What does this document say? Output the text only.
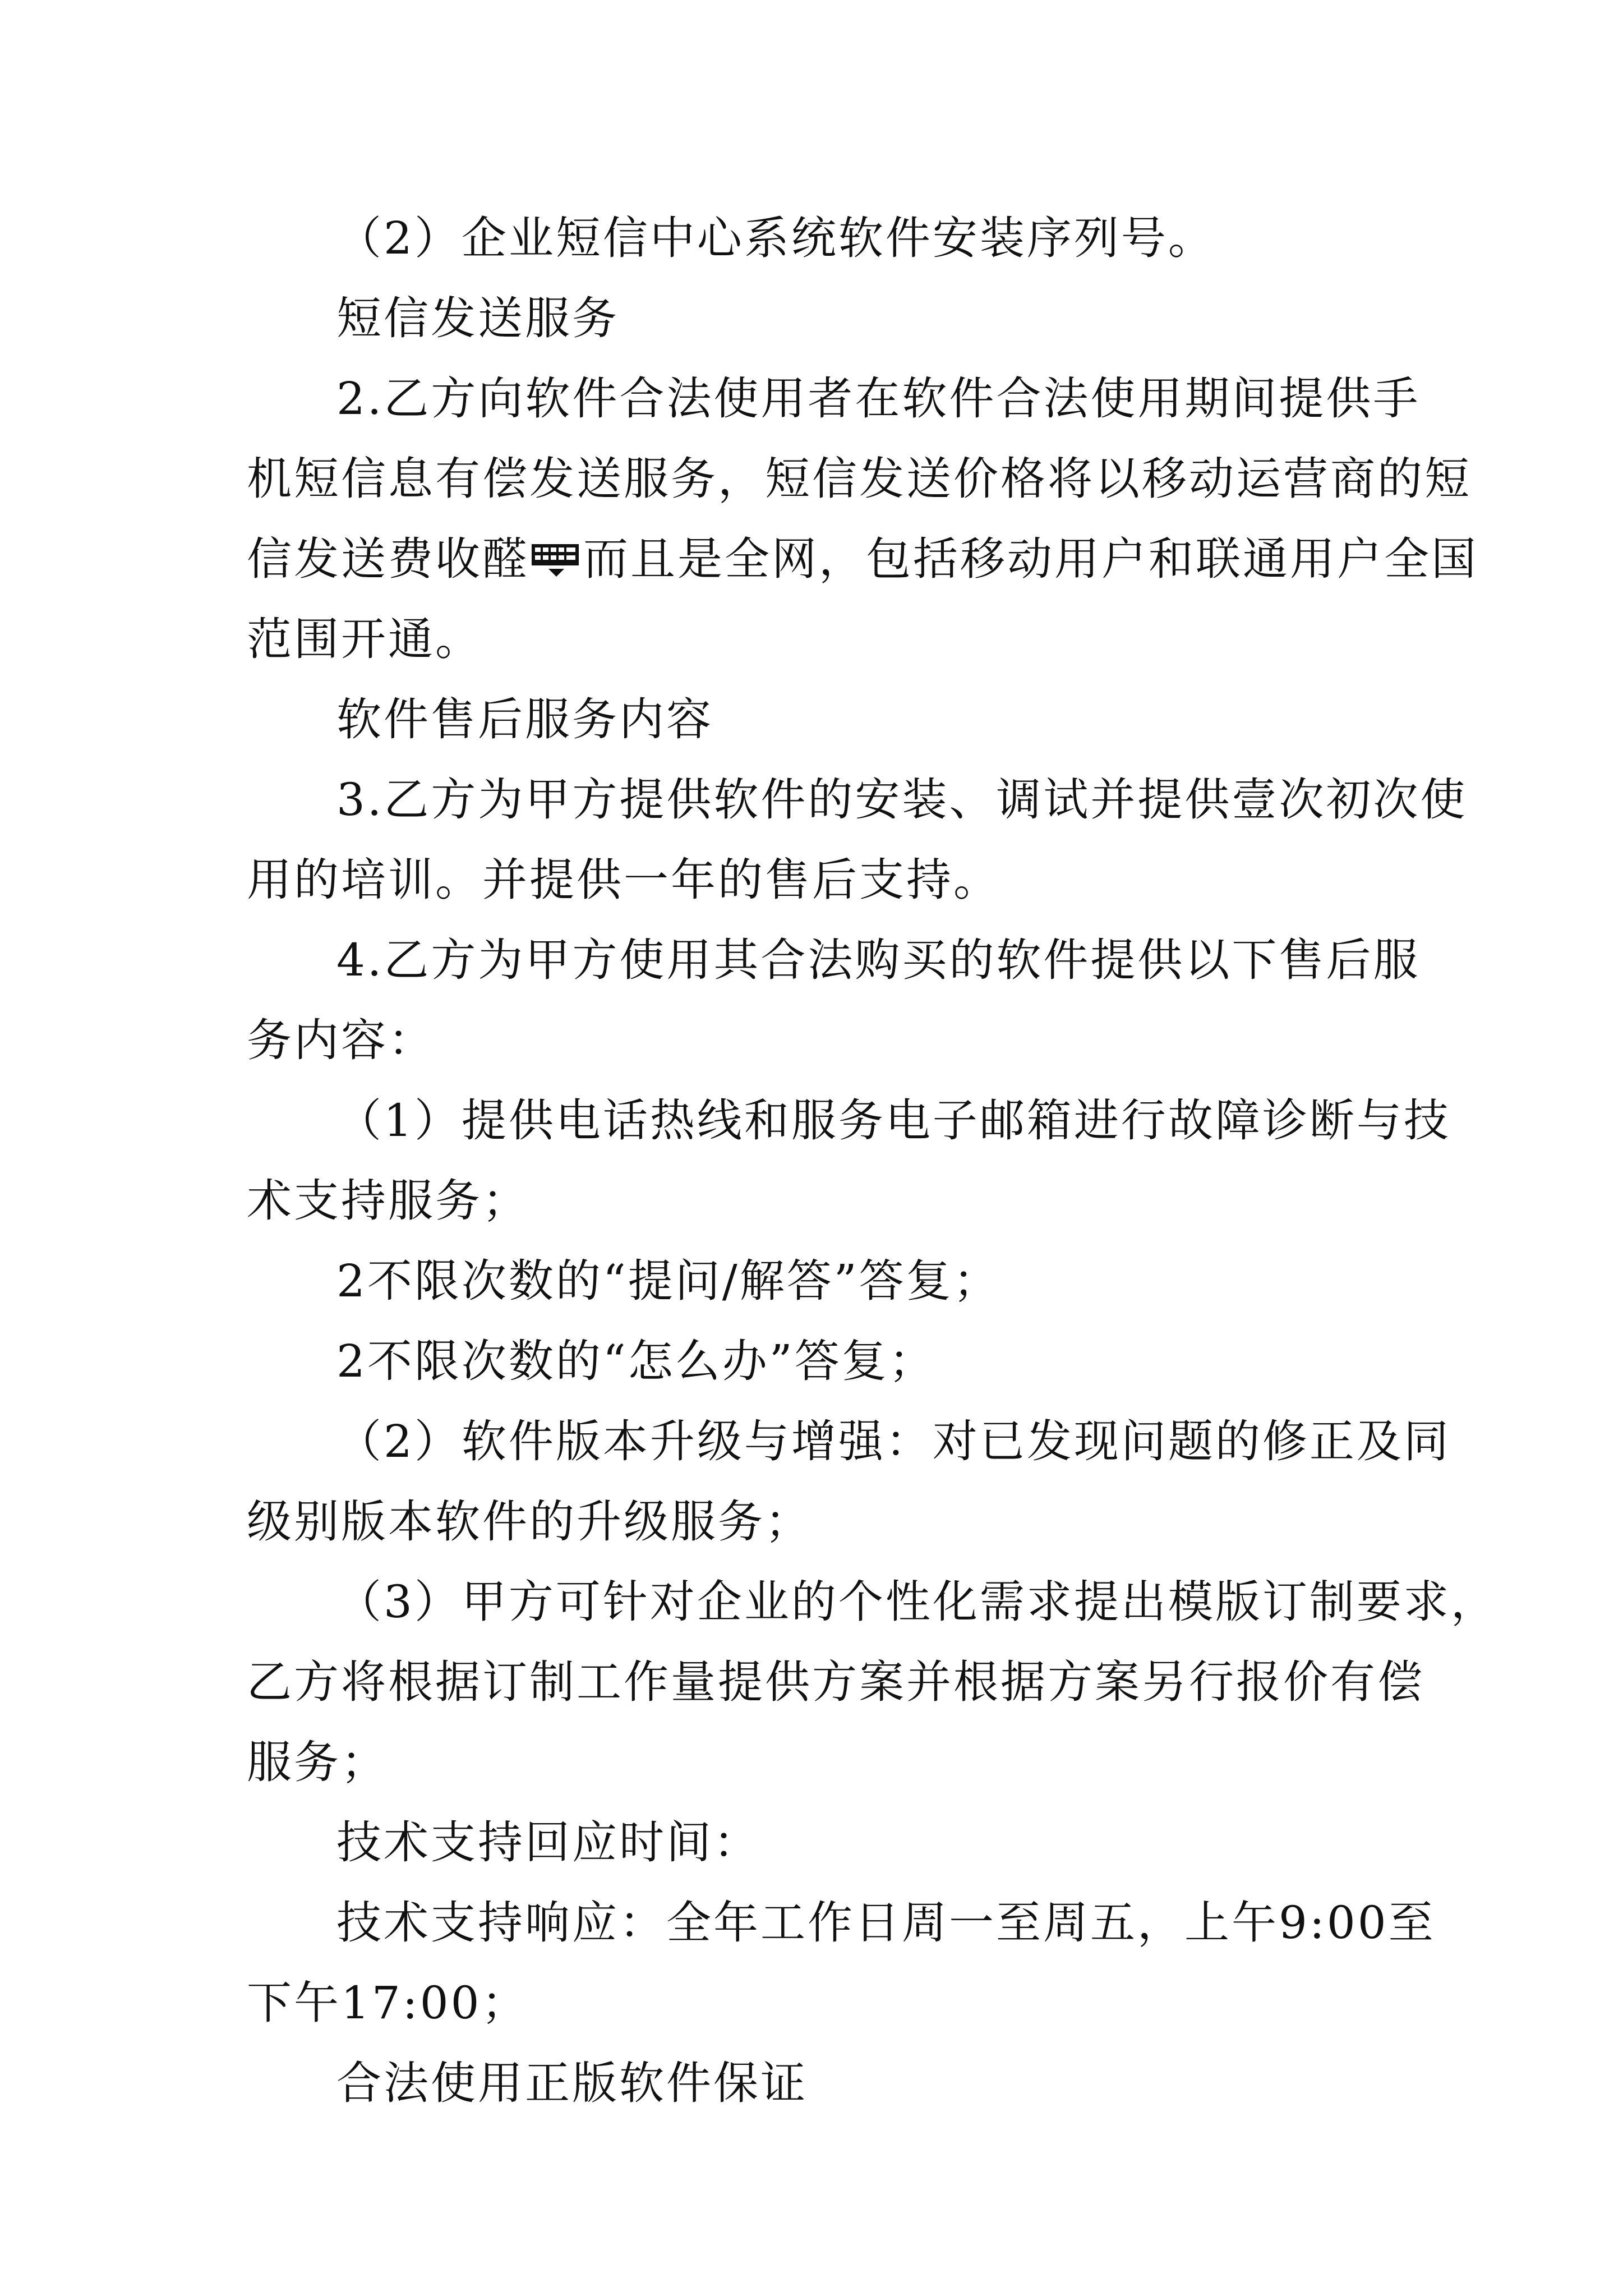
（2）企业短信中心系统软件安装序列号。
短信发送服务
2.乙方向软件合法使用者在软件合法使用期间提供手
机短信息有偿发送服务，短信发送价格将以移动运营商的短
信发送费收醛 而且是全网，包括移动用户和联通用户全国
范围开通。
软件售后服务内容
3.乙方为甲方提供软件的安装、调试并提供壹次初次使
用的培训。并提供一年的售后支持。
4.乙方为甲方使用其合法购买的软件提供以下售后服
务内容：
（1）提供电话热线和服务电子邮箱进行故障诊断与技
术支持服务；
2不限次数的“提问/解答”答复；
2不限次数的“怎么办”答复；
（2）软件版本升级与增强：对已发现问题的修正及同
级别版本软件的升级服务；
（3）甲方可针对企业的个性化需求提出模版订制要求，
乙方将根据订制工作量提供方案并根据方案另行报价有偿
服务；
技术支持回应时间：
技术支持响应：全年工作日周一至周五，上午9:00至
下午17:00；
合法使用正版软件保证
